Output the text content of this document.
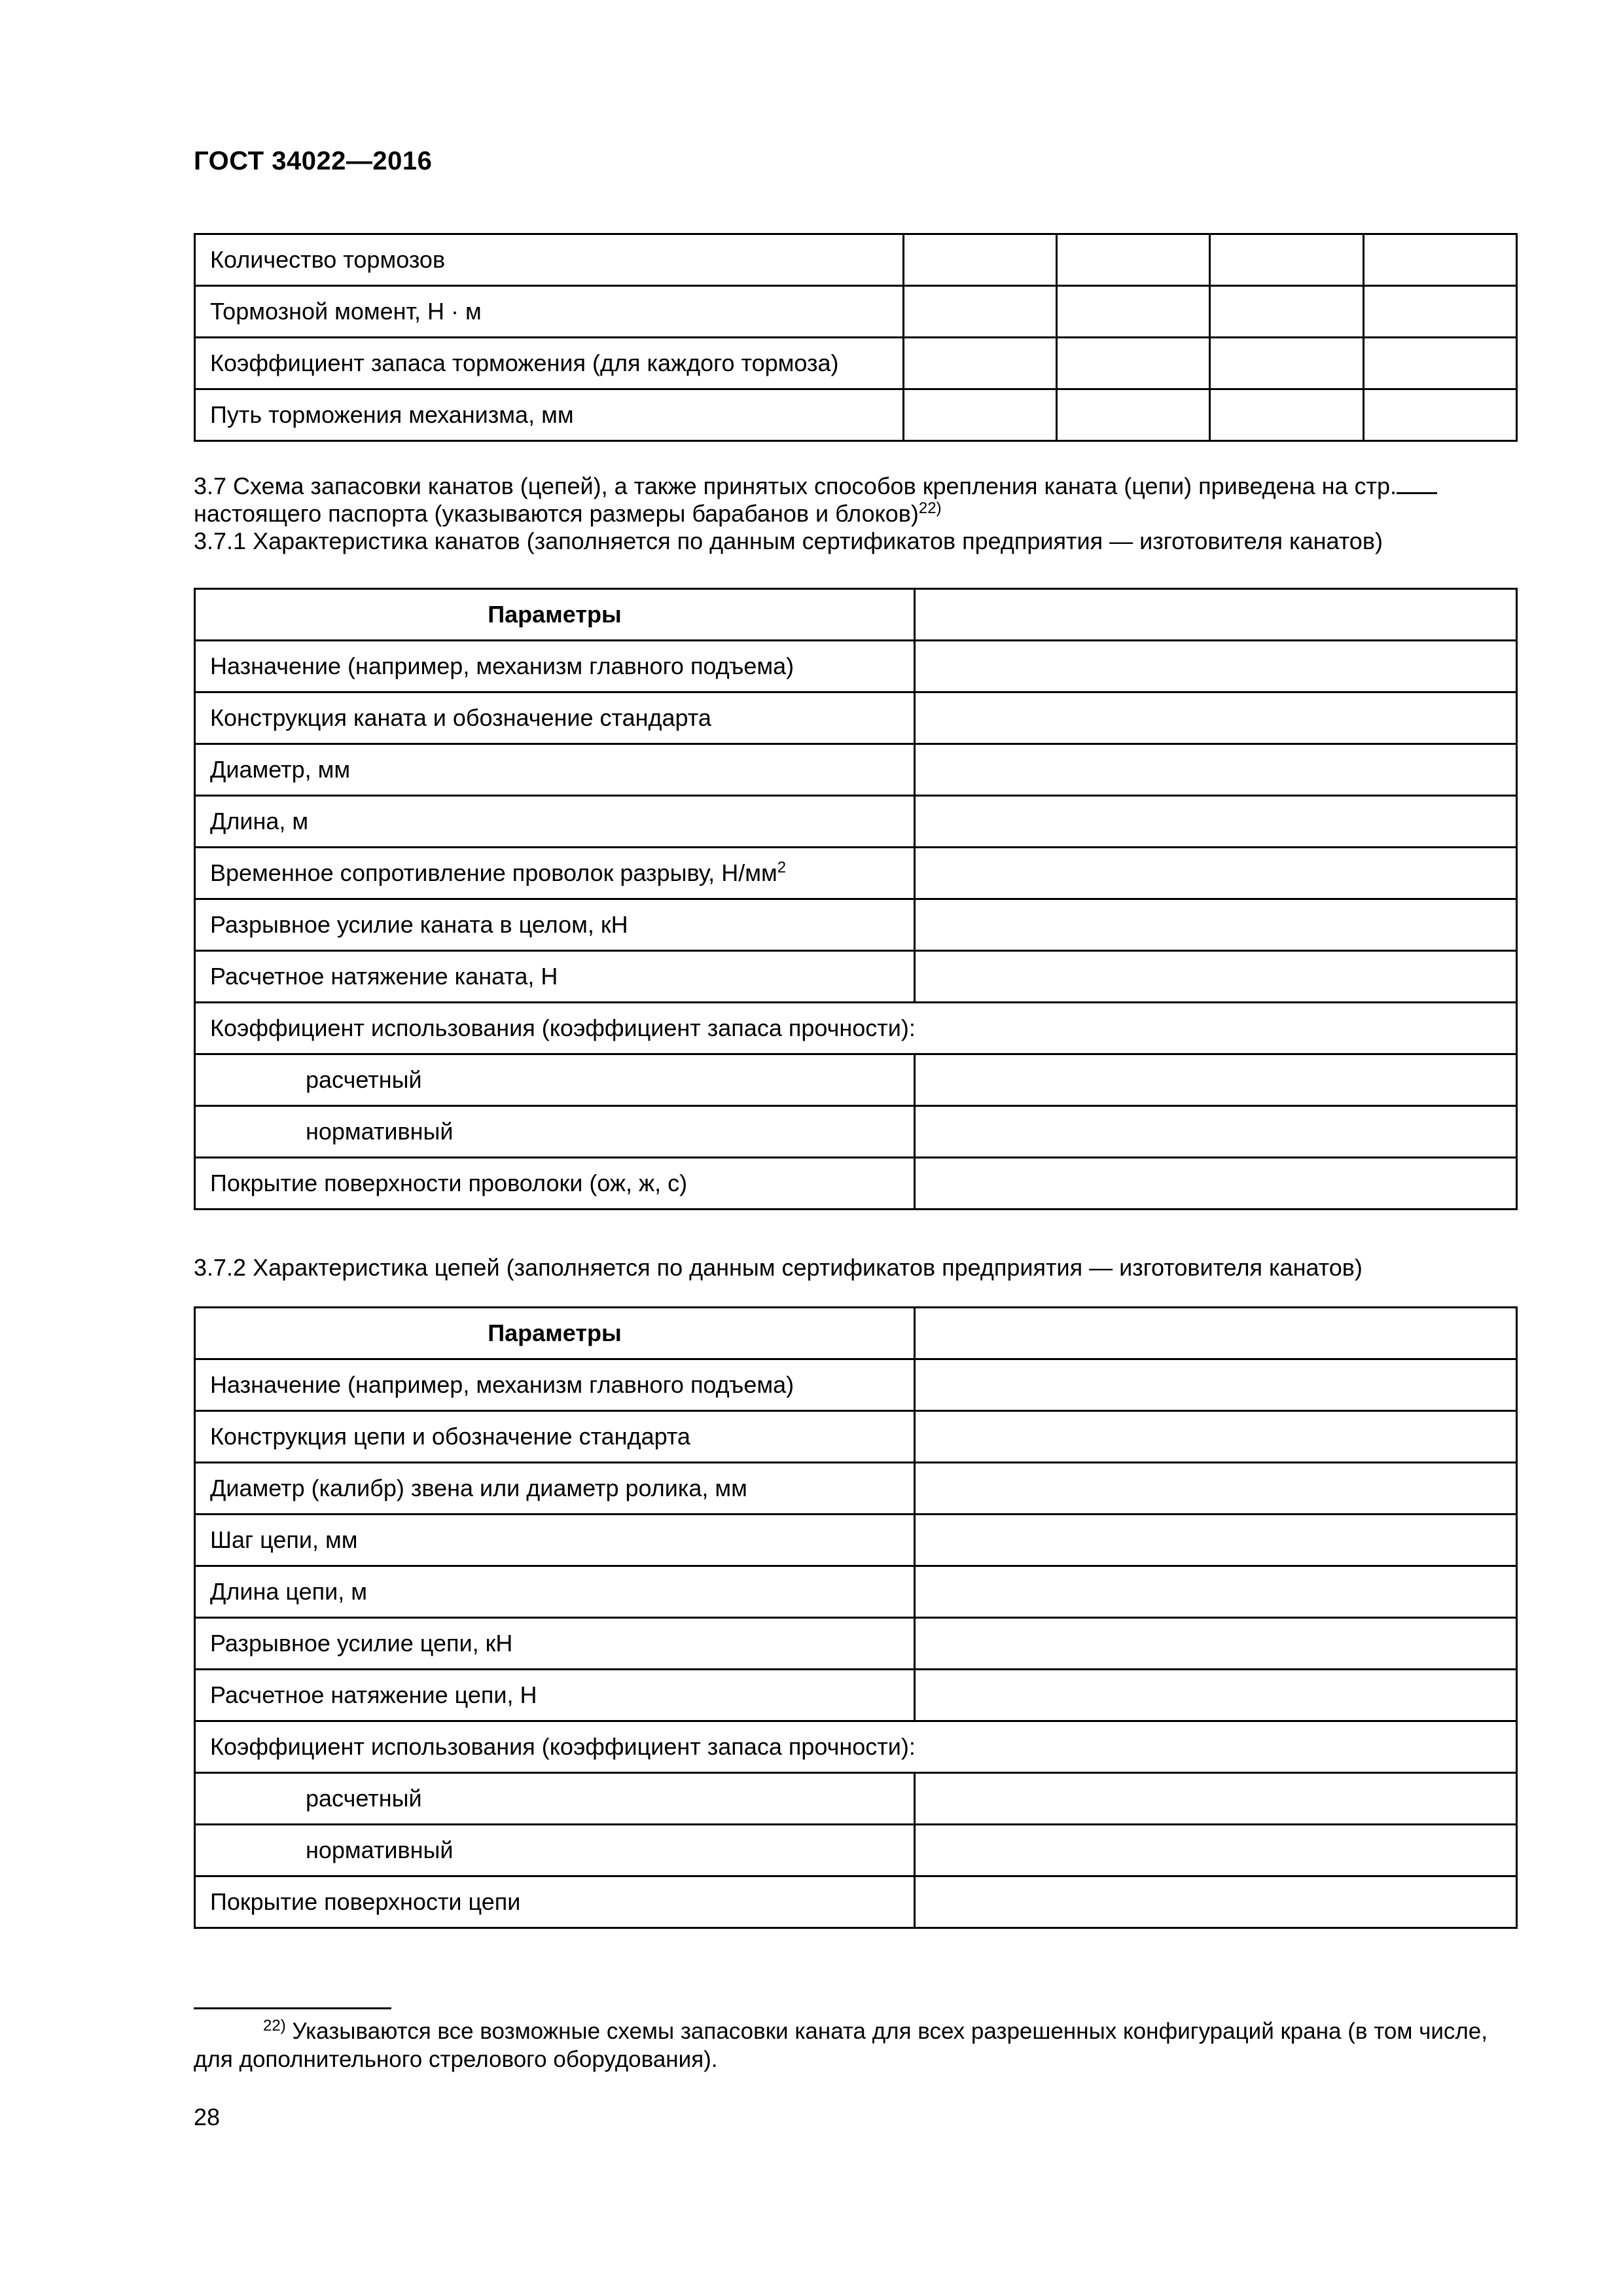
ГОСТ 34022—2016
Количество тормозов				
Тормозной момент, Н · м				
Коэффициент запаса торможения (для каждого тормоза)				
Путь торможения механизма, мм				
3.7 Схема запасовки канатов (цепей), а также принятых способов крепления каната (цепи) приведена на стр.
настоящего паспорта (указываются размеры барабанов и блоков)$^{22)}$
3.7.1 Характеристика канатов (заполняется по данным сертификатов предприятия — изготовителя канатов)
Параметры	
Назначение (например, механизм главного подъема)	
Конструкция каната и обозначение стандарта	
Диаметр, мм	
Длина, м	
Временное сопротивление проволок разрыву, $Н/мм^2$	
Разрывное усилие каната в целом, кН	
Расчетное натяжение каната, Н	
Коэффициент использования (коэффициент запаса прочности):	
расчетный	
нормативный	
Покрытие поверхности проволоки (ож, ж, с)	
3.7.2 Характеристика цепей (заполняется по данным сертификатов предприятия — изготовителя канатов)
Параметры	
Назначение (например, механизм главного подъема)	
Конструкция цепи и обозначение стандарта	
Диаметр (калибр) звена или диаметр ролика, мм	
Шаг цепи, мм	
Длина цепи, м	
Разрывное усилие цепи, кН	
Расчетное натяжение цепи, Н	
Коэффициент использования (коэффициент запаса прочности):	
расчетный	
нормативный	
Покрытие поверхности цепи	
$^{22)}$ Указываются все возможные схемы запасовки каната для всех разрешенных конфигураций крана (в том числе, для дополнительного стрелового оборудования).
28
